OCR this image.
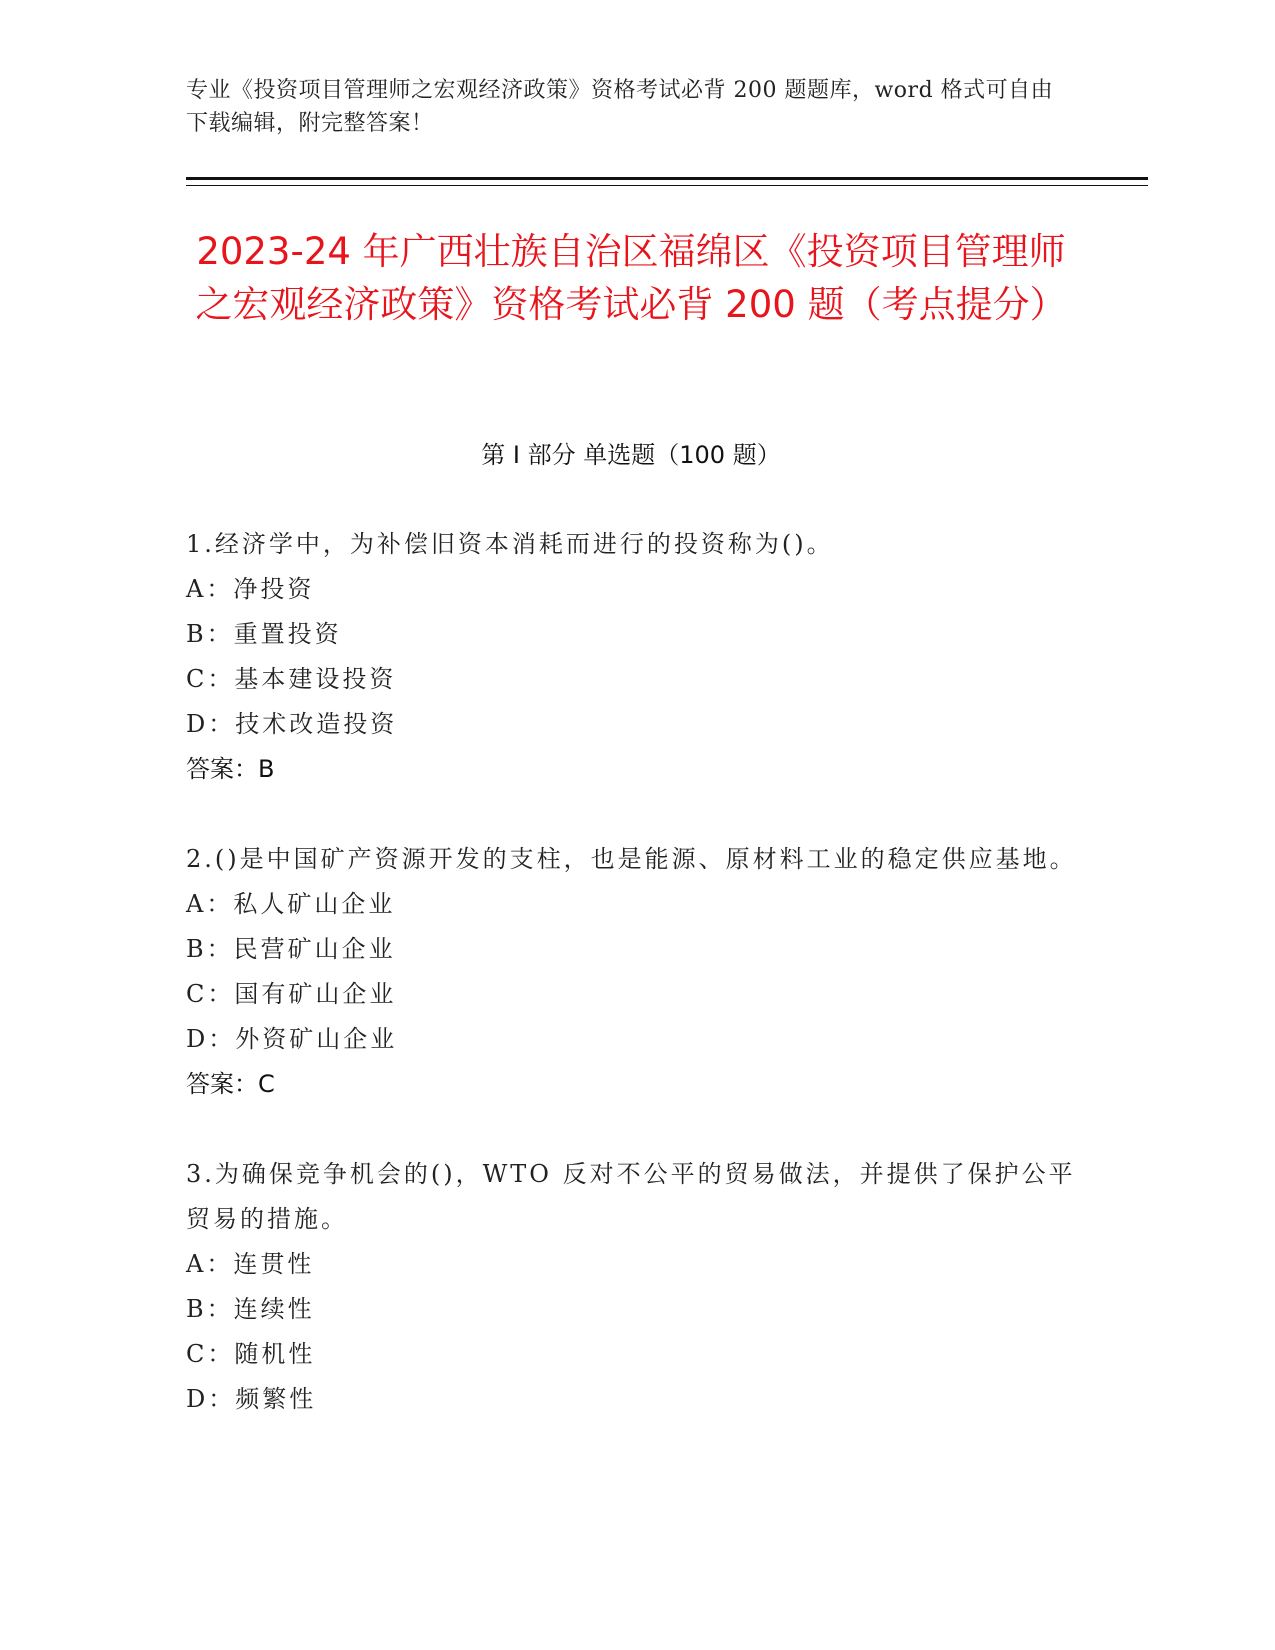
专业《投资项目管理师之宏观经济政策》资格考试必背 200 题题库，word 格式可自由下载编辑，附完整答案！
2023-24 年广西壮族自治区福绵区《投资项目管理师之宏观经济政策》资格考试必背 200 题（考点提分）
第 I 部分 单选题（100 题）

1.经济学中，为补偿旧资本消耗而进行的投资称为()。

A：净投资

B：重置投资

C：基本建设投资

D：技术改造投资

答案：B

2.()是中国矿产资源开发的支柱，也是能源、原材料工业的稳定供应基地。

A：私人矿山企业

B：民营矿山企业

C：国有矿山企业

D：外资矿山企业

答案：C

3.为确保竞争机会的()，WTO 反对不公平的贸易做法，并提供了保护公平贸易的措施。

A：连贯性

B：连续性

C：随机性

D：频繁性
